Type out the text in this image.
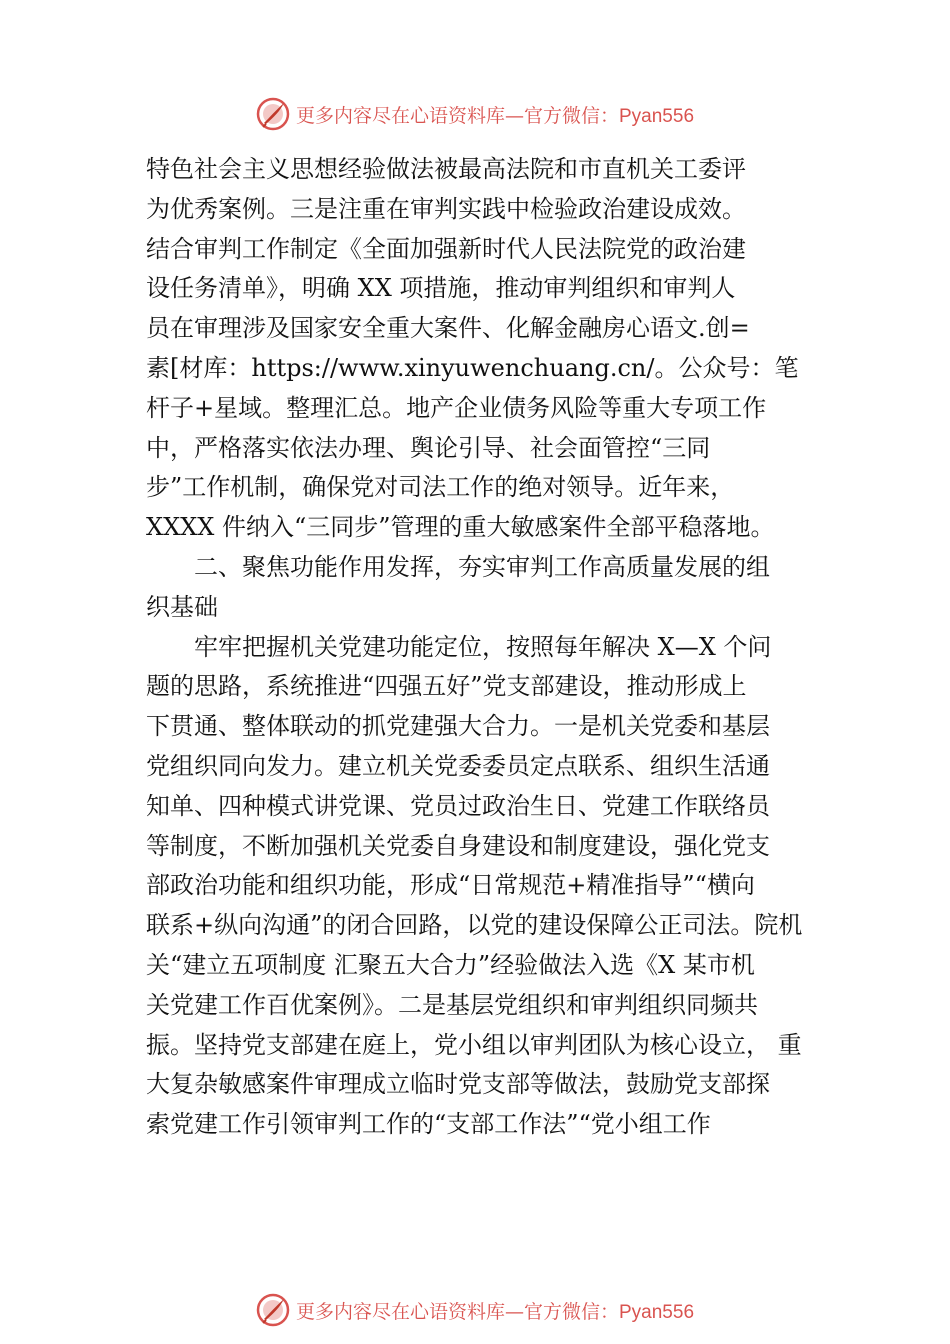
更多内容尽在心语资料库—官方微信：Pyan556
特色社会主义思想经验做法被最高法院和市直机关工委评
为优秀案例。三是注重在审判实践中检验政治建设成效。
结合审判工作制定《全面加强新时代人民法院党的政治建
设任务清单》，明确 XX 项措施，推动审判组织和审判人
员在审理涉及国家安全重大案件、化解金融房心语文.创=
素[材库：https://www.xinyuwenchuang.cn/。公众号：笔
杆子+星域。整理汇总。地产企业债务风险等重大专项工作
中，严格落实依法办理、舆论引导、社会面管控“三同
步”工作机制，确保党对司法工作的绝对领导。近年来，
XXXX 件纳入“三同步”管理的重大敏感案件全部平稳落地。
二、聚焦功能作用发挥，夯实审判工作高质量发展的组
织基础
牢牢把握机关党建功能定位，按照每年解决 X—X 个问
题的思路，系统推进“四强五好”党支部建设，推动形成上
下贯通、整体联动的抓党建强大合力。一是机关党委和基层
党组织同向发力。建立机关党委委员定点联系、组织生活通
知单、四种模式讲党课、党员过政治生日、党建工作联络员
等制度，不断加强机关党委自身建设和制度建设，强化党支
部政治功能和组织功能，形成“日常规范+精准指导”“横向
联系+纵向沟通”的闭合回路，以党的建设保障公正司法。院机
关“建立五项制度 汇聚五大合力”经验做法入选《X 某市机
关党建工作百优案例》。二是基层党组织和审判组织同频共
振。坚持党支部建在庭上，党小组以审判团队为核心设立， 重
大复杂敏感案件审理成立临时党支部等做法，鼓励党支部探
索党建工作引领审判工作的“支部工作法”“党小组工作
更多内容尽在心语资料库—官方微信：Pyan556
